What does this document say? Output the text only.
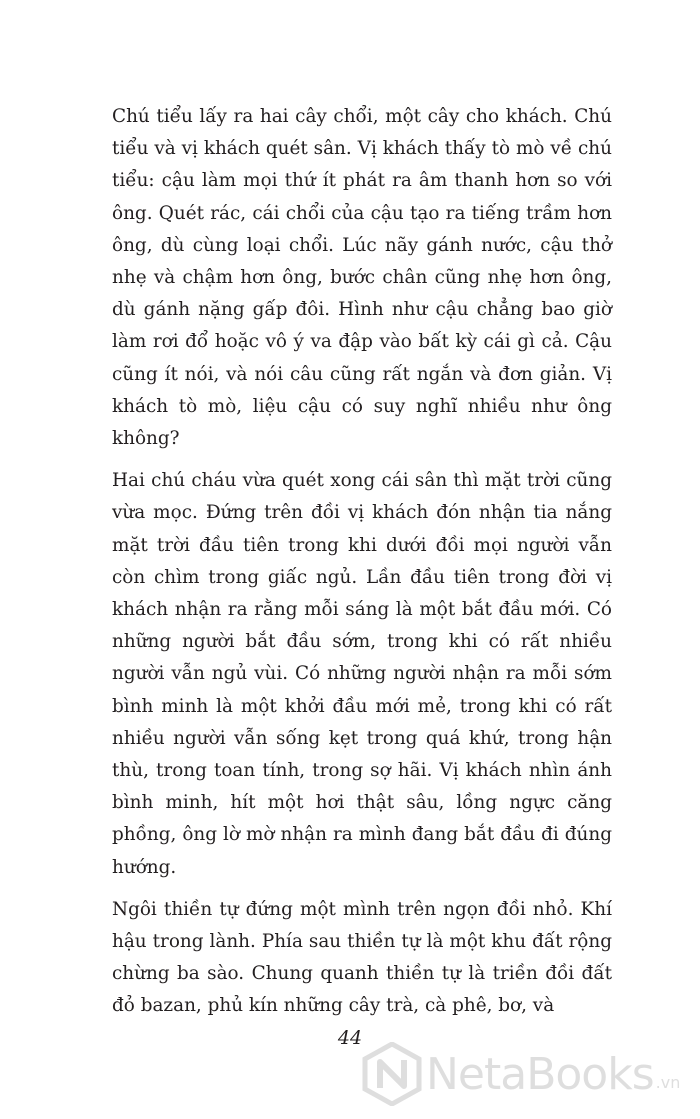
Chú tiểu lấy ra hai cây chổi, một cây cho khách. Chú tiểu và vị khách quét sân. Vị khách thấy tò mò về chú tiểu: cậu làm mọi thứ ít phát ra âm thanh hơn so với ông. Quét rác, cái chổi của cậu tạo ra tiếng trầm hơn ông, dù cùng loại chổi. Lúc nãy gánh nước, cậu thở nhẹ và chậm hơn ông, bước chân cũng nhẹ hơn ông, dù gánh nặng gấp đôi. Hình như cậu chẳng bao giờ làm rơi đổ hoặc vô ý va đập vào bất kỳ cái gì cả. Cậu cũng ít nói, và nói câu cũng rất ngắn và đơn giản. Vị khách tò mò, liệu cậu có suy nghĩ nhiều như ông không?

Hai chú cháu vừa quét xong cái sân thì mặt trời cũng vừa mọc. Đứng trên đồi vị khách đón nhận tia nắng mặt trời đầu tiên trong khi dưới đồi mọi người vẫn còn chìm trong giấc ngủ. Lần đầu tiên trong đời vị khách nhận ra rằng mỗi sáng là một bắt đầu mới. Có những người bắt đầu sớm, trong khi có rất nhiều người vẫn ngủ vùi. Có những người nhận ra mỗi sớm bình minh là một khởi đầu mới mẻ, trong khi có rất nhiều người vẫn sống kẹt trong quá khứ, trong hận thù, trong toan tính, trong sợ hãi. Vị khách nhìn ánh bình minh, hít một hơi thật sâu, lồng ngực căng phồng, ông lờ mờ nhận ra mình đang bắt đầu đi đúng hướng.

Ngôi thiền tự đứng một mình trên ngọn đồi nhỏ. Khí hậu trong lành. Phía sau thiền tự là một khu đất rộng chừng ba sào. Chung quanh thiền tự là triền đồi đất đỏ bazan, phủ kín những cây trà, cà phê, bơ, và

44
NetaBooks .vn
